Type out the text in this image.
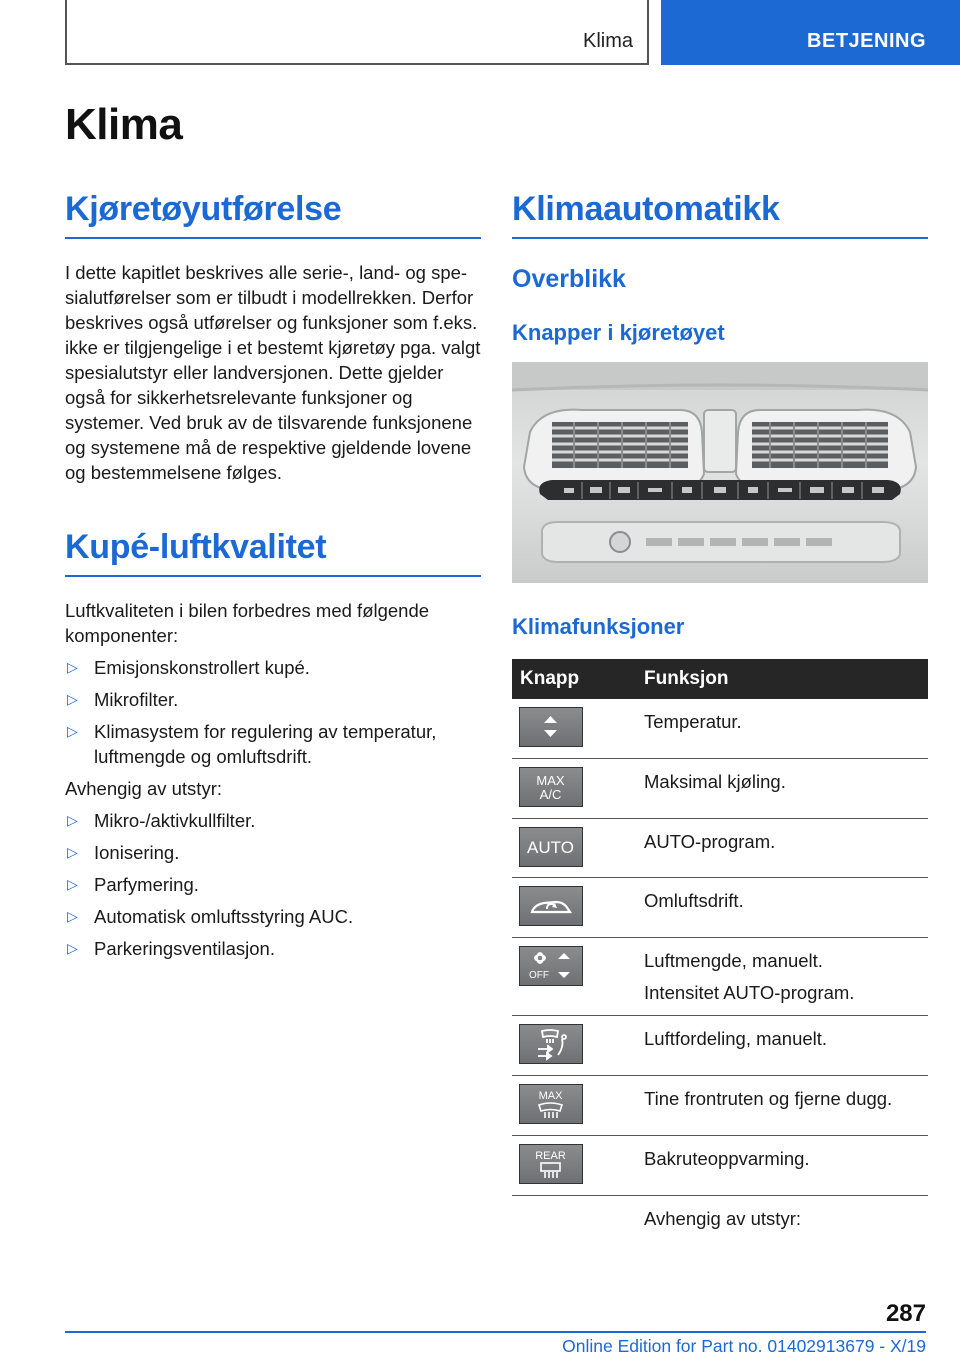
Klima	BETJENING
Klima
Kjøretøyutførelse

I dette kapitlet beskrives alle serie-, land- og spesialutførelser som er tilbudt i modellrekken. Derfor beskrives også utførelser og funksjoner som f.eks. ikke er tilgjengelige i et bestemt kjøretøy pga. valgt spesialutstyr eller landversjonen. Dette gjelder også for sikkerhetsrelevante funksjoner og systemer. Ved bruk av de tilsvarende funksjonene og systemene må de respektive gjeldende lovene og bestemmelsene følges.

Kupé-luftkvalitet

Luftkvaliteten i bilen forbedres med følgende komponenter:

▷ Emisjonskonstrollert kupé.
▷ Mikrofilter.
▷ Klimasystem for regulering av temperatur, luftmengde og omluftsdrift.

Avhengig av utstyr:

▷ Mikro-/aktivkullfilter.
▷ Ionisering.
▷ Parfymering.
▷ Automatisk omluftsstyring AUC.
▷ Parkeringsventilasjon.
Klimaautomatikk
Overblikk
Knapper i kjøretøyet
Klimafunksjoner
Knapp	Funksjon

	Temperatur.

MAX
A/C	Maksimal kjøling.

AUTO	AUTO-program.

	Omluftsdrift.

OFF	Luftmengde, manuelt.
Intensitet AUTO-program.

	Luftfordeling, manuelt.

MAX	Tine frontruten og fjerne dugg.

REAR	Bakruteoppvarming.

Avhengig av utstyr:

287
Online Edition for Part no. 01402913679 - X/19
